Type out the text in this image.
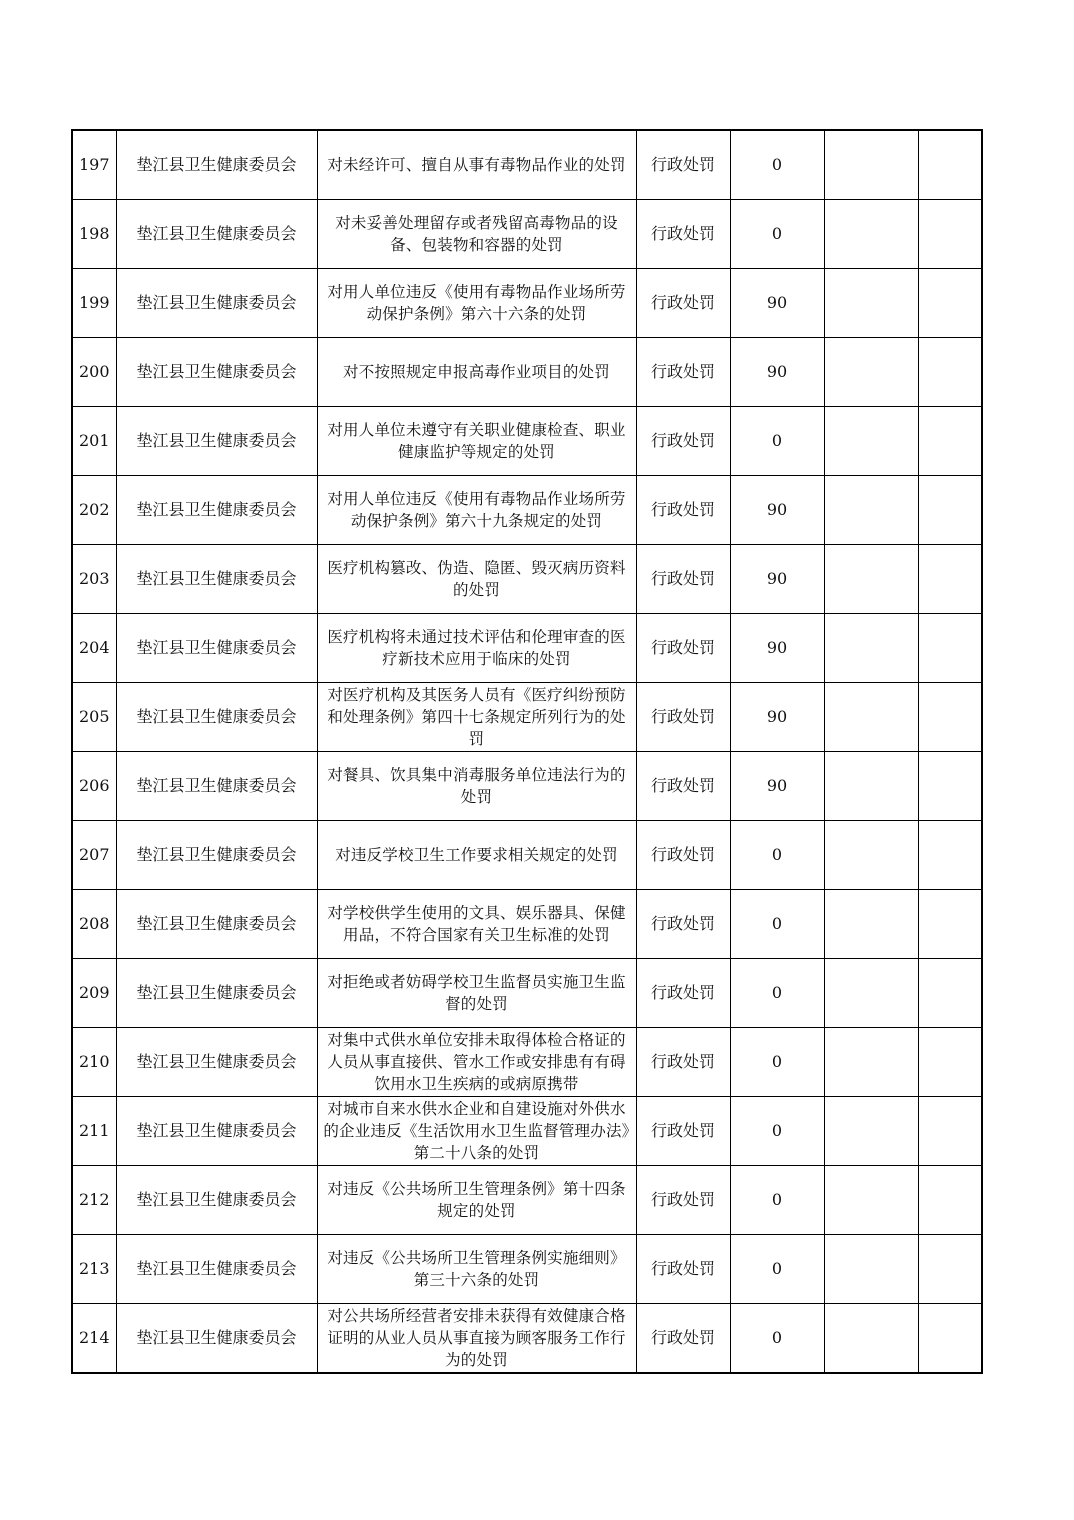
197	垫江县卫生健康委员会	对未经许可、擅自从事有毒物品作业的处罚	行政处罚	0		
198	垫江县卫生健康委员会	对未妥善处理留存或者残留高毒物品的设备、包装物和容器的处罚	行政处罚	0		
199	垫江县卫生健康委员会	对用人单位违反《使用有毒物品作业场所劳动保护条例》第六十六条的处罚	行政处罚	90		
200	垫江县卫生健康委员会	对不按照规定申报高毒作业项目的处罚	行政处罚	90		
201	垫江县卫生健康委员会	对用人单位未遵守有关职业健康检查、职业健康监护等规定的处罚	行政处罚	0		
202	垫江县卫生健康委员会	对用人单位违反《使用有毒物品作业场所劳动保护条例》第六十九条规定的处罚	行政处罚	90		
203	垫江县卫生健康委员会	医疗机构篡改、伪造、隐匿、毁灭病历资料的处罚	行政处罚	90		
204	垫江县卫生健康委员会	医疗机构将未通过技术评估和伦理审查的医疗新技术应用于临床的处罚	行政处罚	90		
205	垫江县卫生健康委员会	对医疗机构及其医务人员有《医疗纠纷预防和处理条例》第四十七条规定所列行为的处罚	行政处罚	90		
206	垫江县卫生健康委员会	对餐具、饮具集中消毒服务单位违法行为的处罚	行政处罚	90		
207	垫江县卫生健康委员会	对违反学校卫生工作要求相关规定的处罚	行政处罚	0		
208	垫江县卫生健康委员会	对学校供学生使用的文具、娱乐器具、保健用品，不符合国家有关卫生标准的处罚	行政处罚	0		
209	垫江县卫生健康委员会	对拒绝或者妨碍学校卫生监督员实施卫生监督的处罚	行政处罚	0		
210	垫江县卫生健康委员会	对集中式供水单位安排未取得体检合格证的人员从事直接供、管水工作或安排患有有碍饮用水卫生疾病的或病原携带	行政处罚	0		
211	垫江县卫生健康委员会	对城市自来水供水企业和自建设施对外供水的企业违反《生活饮用水卫生监督管理办法》第二十八条的处罚	行政处罚	0		
212	垫江县卫生健康委员会	对违反《公共场所卫生管理条例》第十四条规定的处罚	行政处罚	0		
213	垫江县卫生健康委员会	对违反《公共场所卫生管理条例实施细则》第三十六条的处罚	行政处罚	0		
214	垫江县卫生健康委员会	对公共场所经营者安排未获得有效健康合格证明的从业人员从事直接为顾客服务工作行为的处罚	行政处罚	0		
